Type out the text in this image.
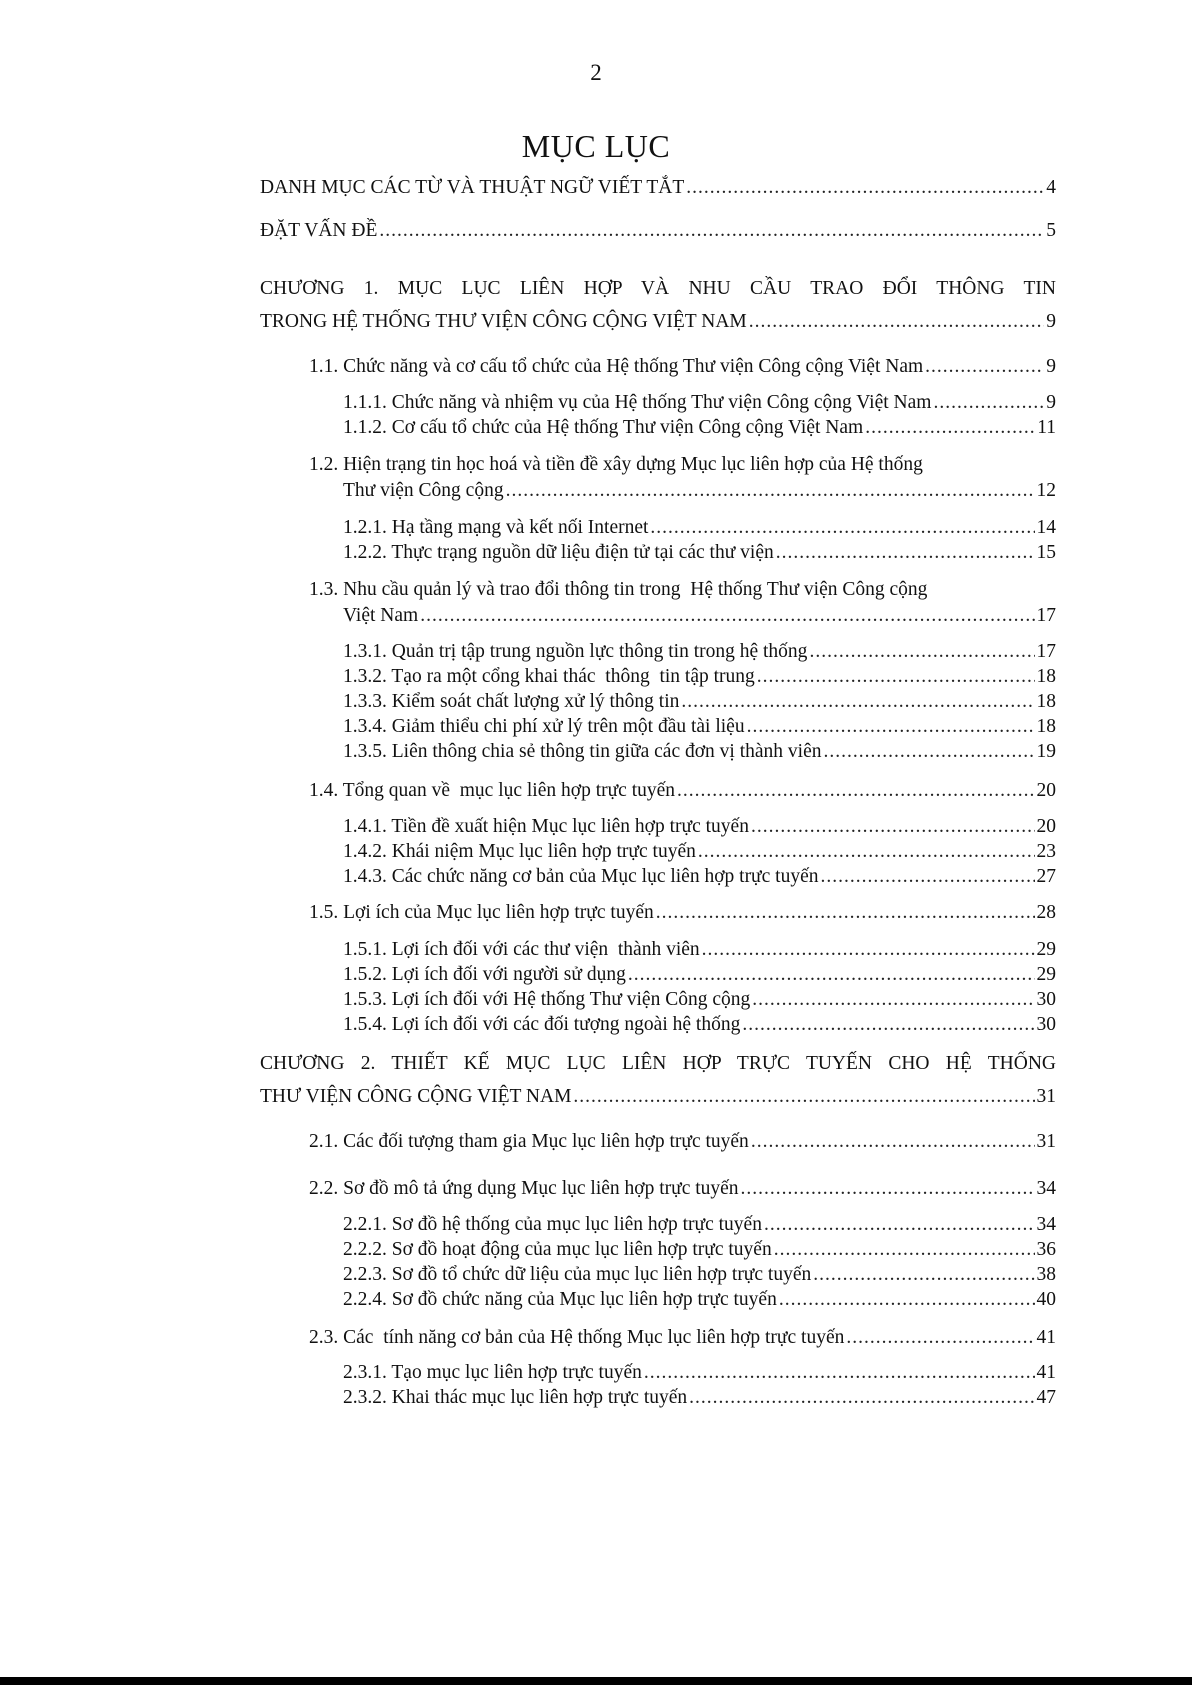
2
MỤC LỤC
DANH MỤC CÁC TỪ VÀ THUẬT NGỮ VIẾT TẮT .....	4
ĐẶT VẤN ĐỀ .....	5
CHƯƠNG 1. MỤC LỤC LIÊN HỢP VÀ NHU CẦU TRAO ĐỔI THÔNG TIN
TRONG HỆ THỐNG THƯ VIỆN CÔNG CỘNG VIỆT NAM .....	9
1.1. Chức năng và cơ cấu tổ chức của Hệ thống Thư viện Công cộng Việt Nam .....	9
1.1.1. Chức năng và nhiệm vụ của Hệ thống Thư viện Công cộng Việt Nam .....	9
1.1.2. Cơ cấu tổ chức của Hệ thống Thư viện Công cộng Việt Nam .....	11
1.2. Hiện trạng tin học hoá và tiền đề xây dựng Mục lục liên hợp của Hệ thống
Thư viện Công cộng .....	12
1.2.1. Hạ tầng mạng và kết nối Internet .....	14
1.2.2. Thực trạng nguồn dữ liệu điện tử tại các thư viện .....	15
1.3. Nhu cầu quản lý và trao đổi thông tin trong  Hệ thống Thư viện Công cộng
Việt Nam .....	17
1.3.1. Quản trị tập trung nguồn lực thông tin trong hệ thống .....	17
1.3.2. Tạo ra một cổng khai thác  thông  tin tập trung .....	18
1.3.3. Kiểm soát chất lượng xử lý thông tin .....	18
1.3.4. Giảm thiểu chi phí xử lý trên một đầu tài liệu .....	18
1.3.5. Liên thông chia sẻ thông tin giữa các đơn vị thành viên .....	19
1.4. Tổng quan về  mục lục liên hợp trực tuyến .....	20
1.4.1. Tiền đề xuất hiện Mục lục liên hợp trực tuyến .....	20
1.4.2. Khái niệm Mục lục liên hợp trực tuyến .....	23
1.4.3. Các chức năng cơ bản của Mục lục liên hợp trực tuyến .....	27
1.5. Lợi ích của Mục lục liên hợp trực tuyến .....	28
1.5.1. Lợi ích đối với các thư viện  thành viên .....	29
1.5.2. Lợi ích đối với người sử dụng .....	29
1.5.3. Lợi ích đối với Hệ thống Thư viện Công cộng .....	30
1.5.4. Lợi ích đối với các đối tượng ngoài hệ thống .....	30
CHƯƠNG 2. THIẾT KẾ MỤC LỤC LIÊN HỢP TRỰC TUYẾN CHO HỆ THỐNG
THƯ VIỆN CÔNG CỘNG VIỆT NAM .....	31
2.1. Các đối tượng tham gia Mục lục liên hợp trực tuyến .....	31
2.2. Sơ đồ mô tả ứng dụng Mục lục liên hợp trực tuyến .....	34
2.2.1. Sơ đồ hệ thống của mục lục liên hợp trực tuyến .....	34
2.2.2. Sơ đồ hoạt động của mục lục liên hợp trực tuyến .....	36
2.2.3. Sơ đồ tổ chức dữ liệu của mục lục liên hợp trực tuyến .....	38
2.2.4. Sơ đồ chức năng của Mục lục liên hợp trực tuyến .....	40
2.3. Các  tính năng cơ bản của Hệ thống Mục lục liên hợp trực tuyến .....	41
2.3.1. Tạo mục lục liên hợp trực tuyến .....	41
2.3.2. Khai thác mục lục liên hợp trực tuyến .....	47
